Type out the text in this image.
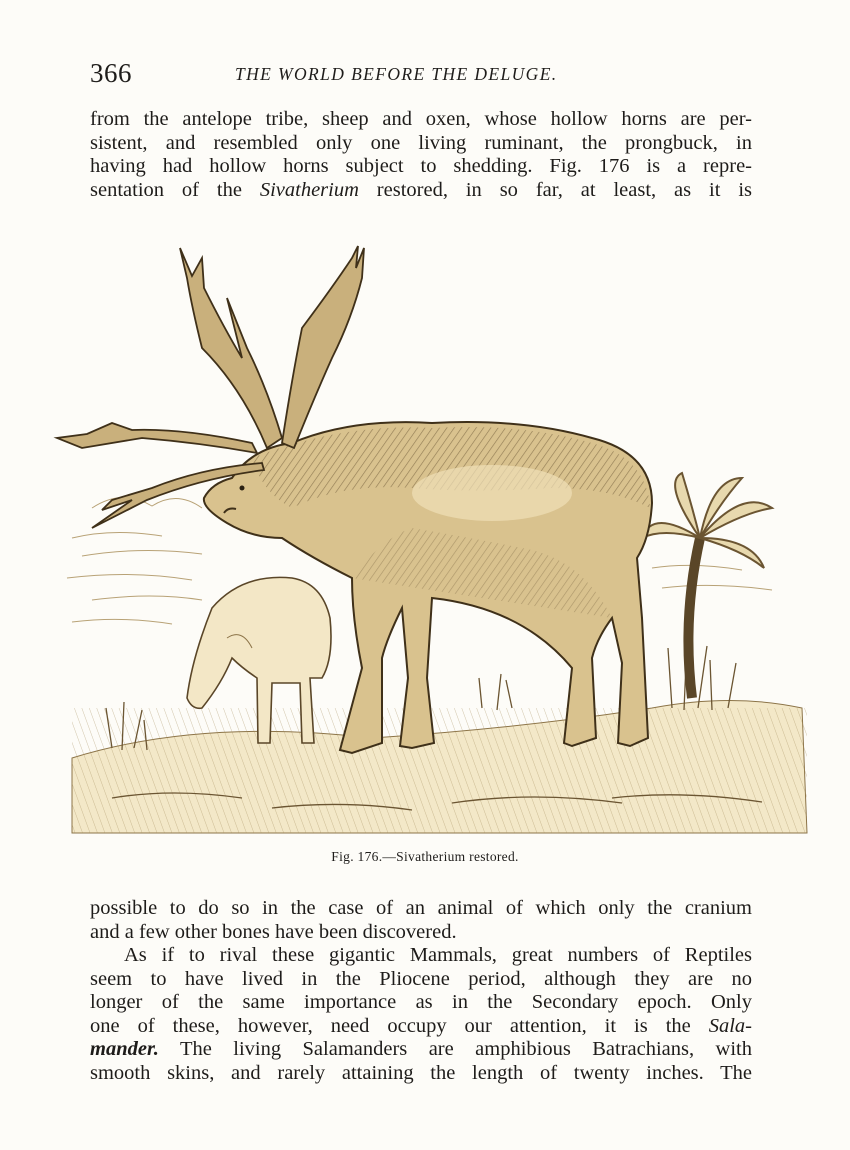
366	THE WORLD BEFORE THE DELUGE.
from the antelope tribe, sheep and oxen, whose hollow horns are per-
sistent, and resembled only one living ruminant, the prongbuck, in
having had hollow horns subject to shedding. Fig. 176 is a repre-
sentation of the Sivatherium restored, in so far, at least, as it is
Fig. 176.—Sivatherium restored.
possible to do so in the case of an animal of which only the cranium
and a few other bones have been discovered.
As if to rival these gigantic Mammals, great numbers of Reptiles
seem to have lived in the Pliocene period, although they are no
longer of the same importance as in the Secondary epoch. Only
one of these, however, need occupy our attention, it is the Sala-
mander. The living Salamanders are amphibious Batrachians, with
smooth skins, and rarely attaining the length of twenty inches. The
